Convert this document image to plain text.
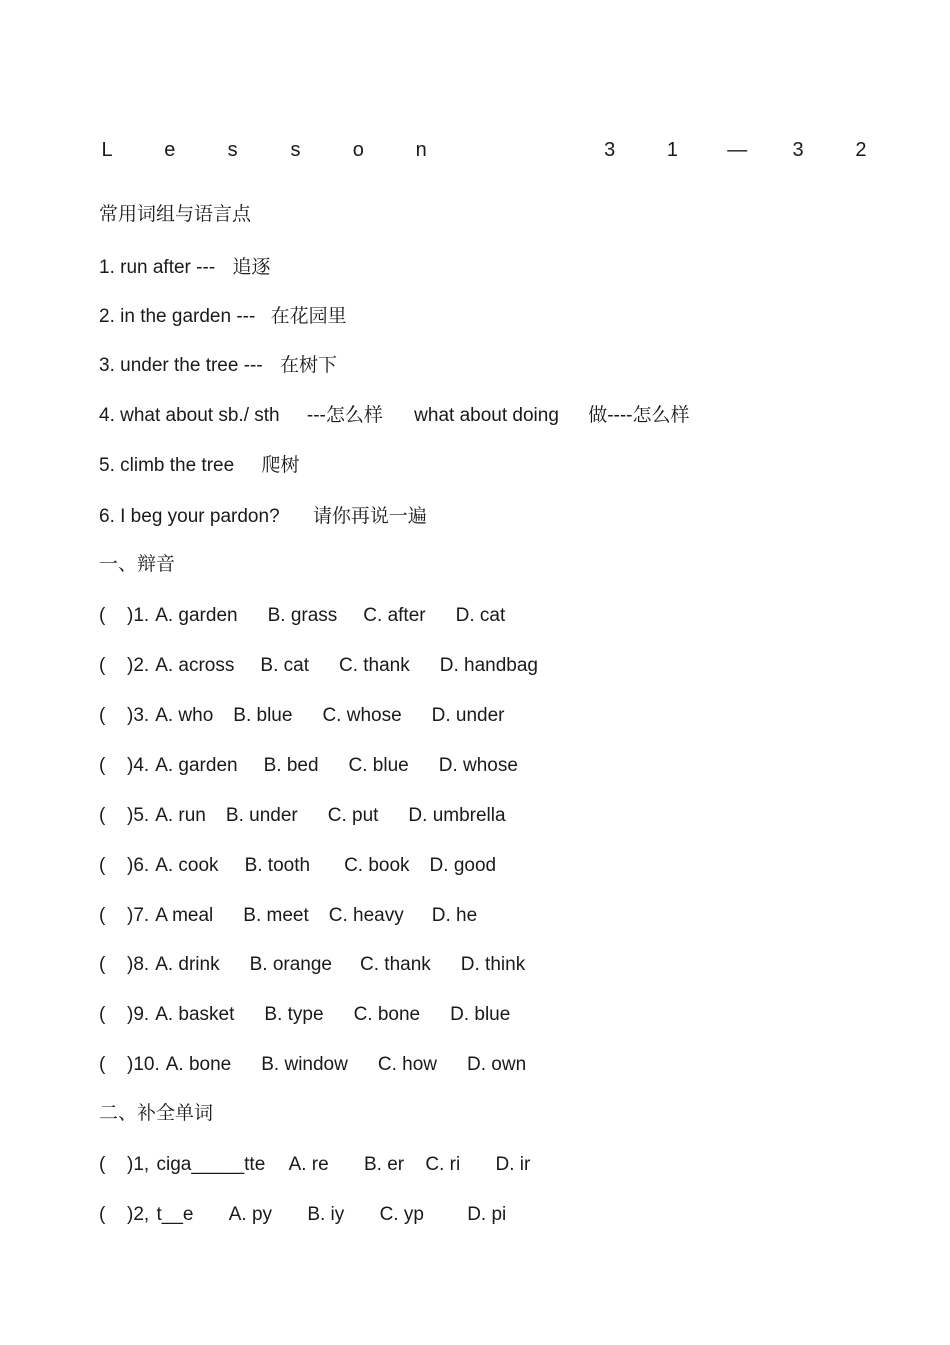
L	e	s	s	o	n	3	1 — 3	2
常用词组与语言点
1. run after --- 追逐
2. in the garden --- 在花园里
3. under the tree --- 在树下
4. what about sb./ sth ---怎么样 what about doing 做----怎么样
5. climb the tree 爬树
6. I beg your pardon? 请你再说一遍
一、辩音
( )1. A. garden B. grass C. after D. cat
( )2. A. across B. cat C. thank D. handbag
( )3. A. who B. blue C. whose D. under
( )4. A. garden B. bed C. blue D. whose
( )5. A. run B. under C. put D. umbrella
( )6. A. cook B. tooth C. book D. good
( )7. A meal B. meet C. heavy D. he
( )8. A. drink B. orange C. thank D. think
( )9. A. basket B. type C. bone D. blue
( )10. A. bone B. window C. how D. own
二、补全单词
( )1, ciga_____tte A. re B. er C. ri D. ir
( )2, t__e A. py B. iy C. yp D. pi
